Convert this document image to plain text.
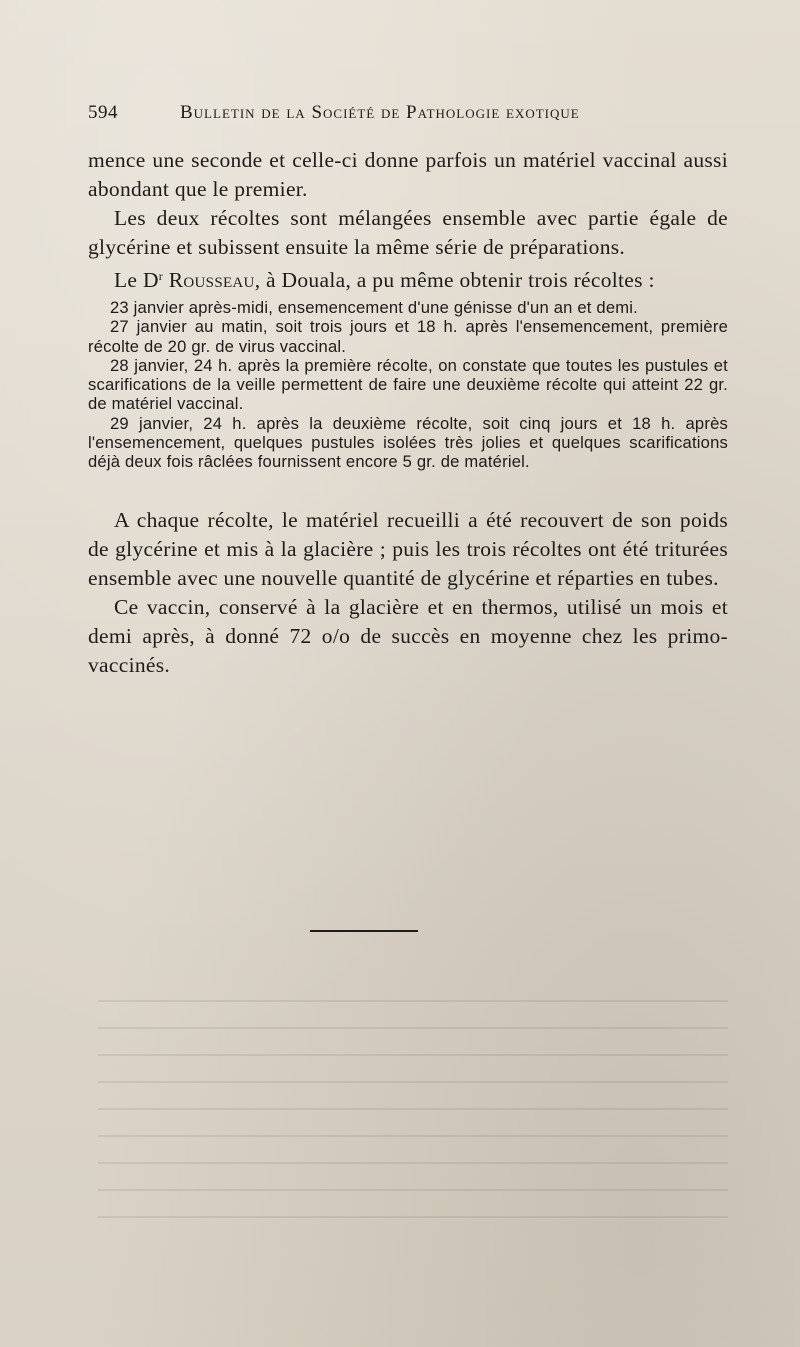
594	Bulletin de la Société de Pathologie exotique

mence une seconde et celle-ci donne parfois un matériel vaccinal aussi abondant que le premier.

Les deux récoltes sont mélangées ensemble avec partie égale de glycérine et subissent ensuite la même série de préparations.

Le $D^r$ Rousseau, à Douala, a pu même obtenir trois récoltes :

23 janvier après-midi, ensemencement d'une génisse d'un an et demi.

27 janvier au matin, soit trois jours et 18 h. après l'ensemencement, première récolte de 20 gr. de virus vaccinal.

28 janvier, 24 h. après la première récolte, on constate que toutes les pustules et scarifications de la veille permettent de faire une deuxième récolte qui atteint 22 gr. de matériel vaccinal.

29 janvier, 24 h. après la deuxième récolte, soit cinq jours et 18 h. après l'ensemencement, quelques pustules isolées très jolies et quelques scarifications déjà deux fois râclées fournissent encore 5 gr. de matériel.

A chaque récolte, le matériel recueilli a été recouvert de son poids de glycérine et mis à la glacière ; puis les trois récoltes ont été triturées ensemble avec une nouvelle quantité de glycérine et réparties en tubes.

Ce vaccin, conservé à la glacière et en thermos, utilisé un mois et demi après, à donné 72 o/o de succès en moyenne chez les primo-vaccinés.
